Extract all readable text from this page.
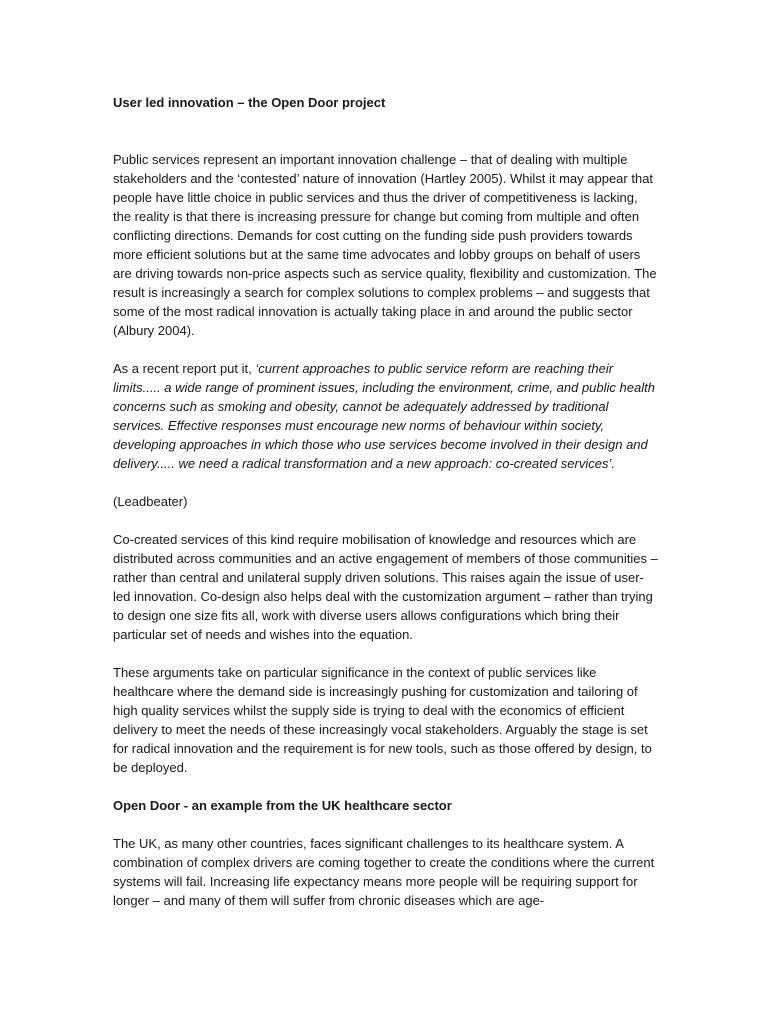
User led innovation – the Open Door project

Public services represent an important innovation challenge – that of dealing with multiple stakeholders and the ‘contested’ nature of innovation (Hartley 2005). Whilst it may appear that people have little choice in public services and thus the driver of competitiveness is lacking, the reality is that there is increasing pressure for change but coming from multiple and often conflicting directions. Demands for cost cutting on the funding side push providers towards more efficient solutions but at the same time advocates and lobby groups on behalf of users are driving towards non-price aspects such as service quality, flexibility and customization. The result is increasingly a search for complex solutions to complex problems – and suggests that some of the most radical innovation is actually taking place in and around the public sector (Albury 2004).

As a recent report put it, ‘current approaches to public service reform are reaching their limits..... a wide range of prominent issues, including the environment, crime, and public health concerns such as smoking and obesity, cannot be adequately addressed by traditional services. Effective responses must encourage new norms of behaviour within society, developing approaches in which those who use services become involved in their design and delivery..... we need a radical transformation and a new approach: co-created services’.

(Leadbeater)

Co-created services of this kind require mobilisation of knowledge and resources which are distributed across communities and an active engagement of members of those communities – rather than central and unilateral supply driven solutions. This raises again the issue of user-led innovation. Co-design also helps deal with the customization argument – rather than trying to design one size fits all, work with diverse users allows configurations which bring their particular set of needs and wishes into the equation.

These arguments take on particular significance in the context of public services like healthcare where the demand side is increasingly pushing for customization and tailoring of high quality services whilst the supply side is trying to deal with the economics of efficient delivery to meet the needs of these increasingly vocal stakeholders. Arguably the stage is set for radical innovation and the requirement is for new tools, such as those offered by design, to be deployed.

Open Door - an example from the UK healthcare sector

The UK, as many other countries, faces significant challenges to its healthcare system. A combination of complex drivers are coming together to create the conditions where the current systems will fail. Increasing life expectancy means more people will be requiring support for longer – and many of them will suffer from chronic diseases which are age-
